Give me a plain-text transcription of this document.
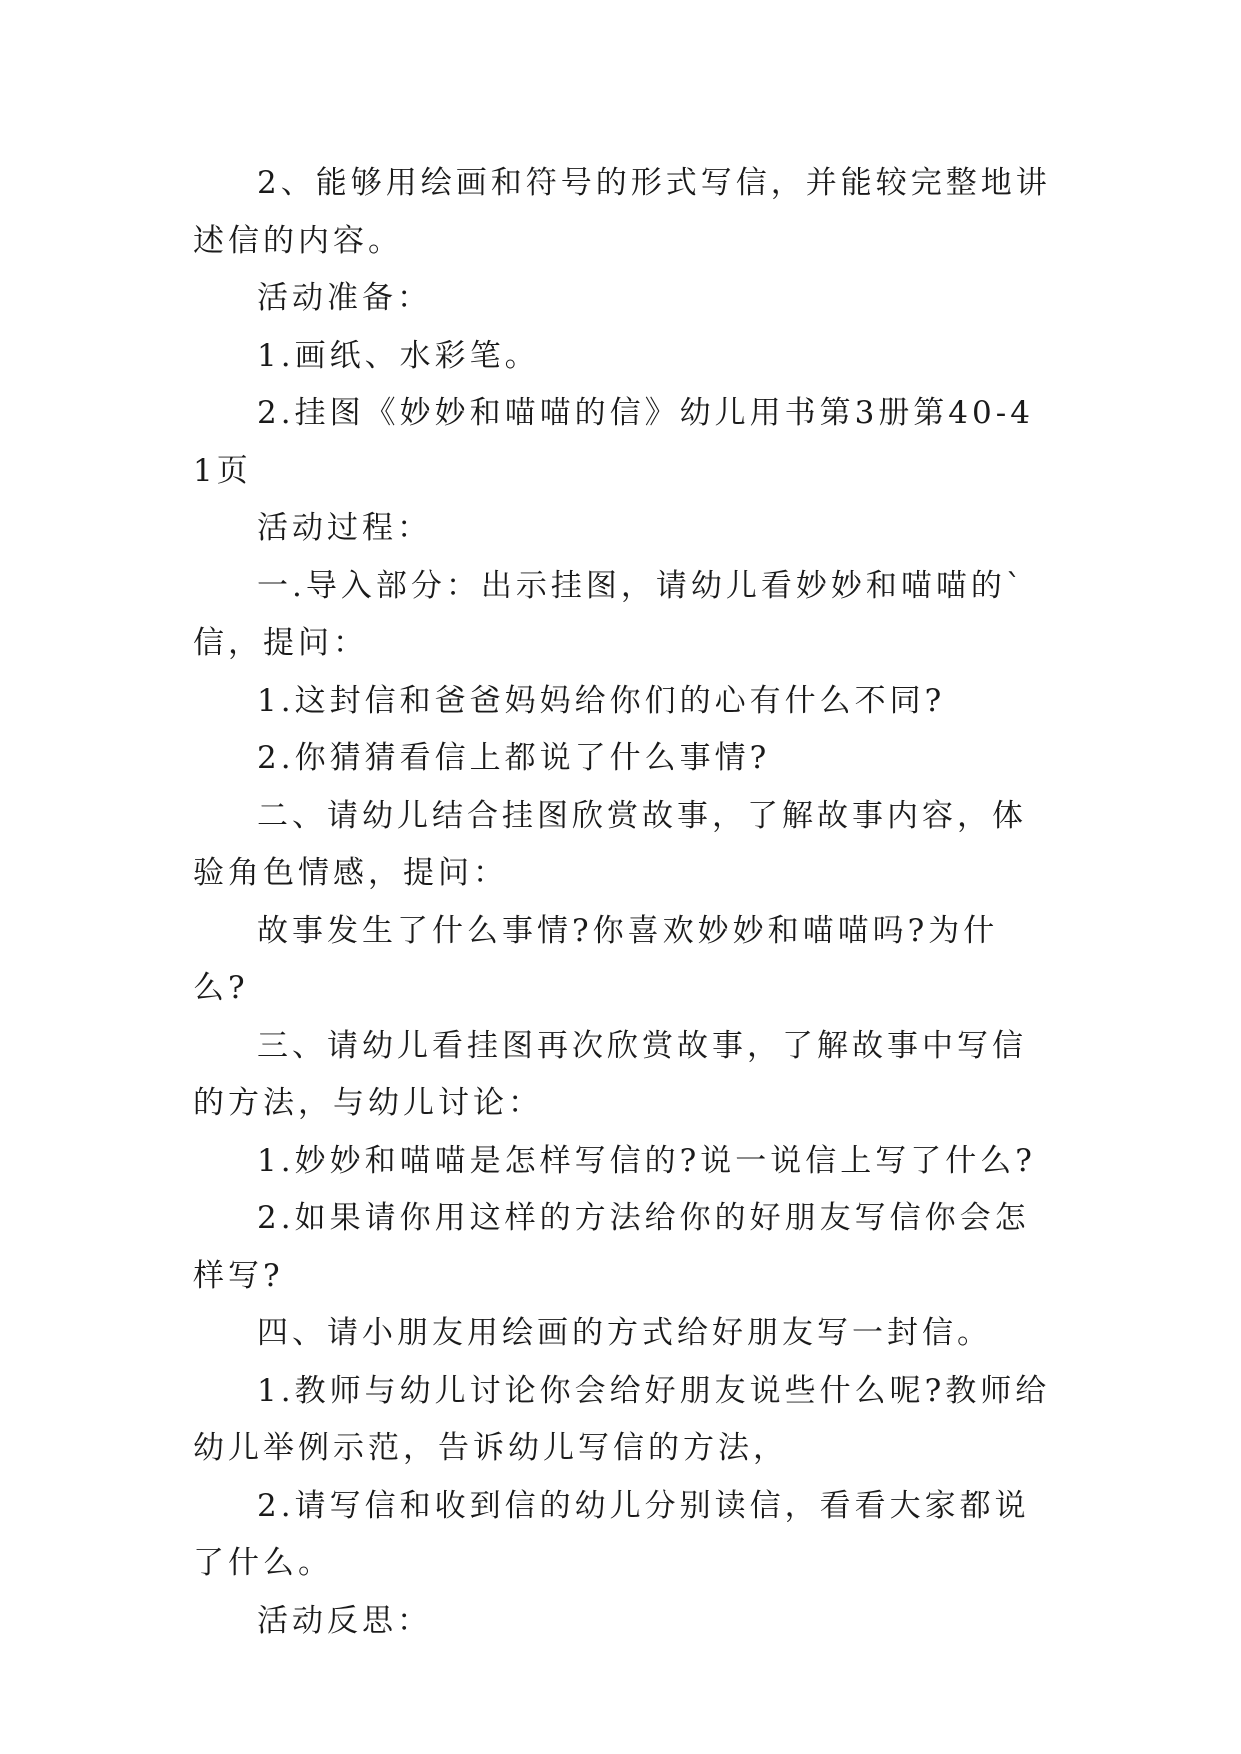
2、能够用绘画和符号的形式写信，并能较完整地讲述信的内容。

活动准备：

1.画纸、水彩笔。

2.挂图《妙妙和喵喵的信》幼儿用书第3册第40-41页

活动过程：

一.导入部分：出示挂图，请幼儿看妙妙和喵喵的`信，提问：

1.这封信和爸爸妈妈给你们的心有什么不同?

2.你猜猜看信上都说了什么事情?

二、请幼儿结合挂图欣赏故事，了解故事内容，体验角色情感，提问：

故事发生了什么事情?你喜欢妙妙和喵喵吗?为什么?

三、请幼儿看挂图再次欣赏故事，了解故事中写信的方法，与幼儿讨论：

1.妙妙和喵喵是怎样写信的?说一说信上写了什么?

2.如果请你用这样的方法给你的好朋友写信你会怎样写?

四、请小朋友用绘画的方式给好朋友写一封信。

1.教师与幼儿讨论你会给好朋友说些什么呢?教师给幼儿举例示范，告诉幼儿写信的方法，

2.请写信和收到信的幼儿分别读信，看看大家都说了什么。

活动反思：
